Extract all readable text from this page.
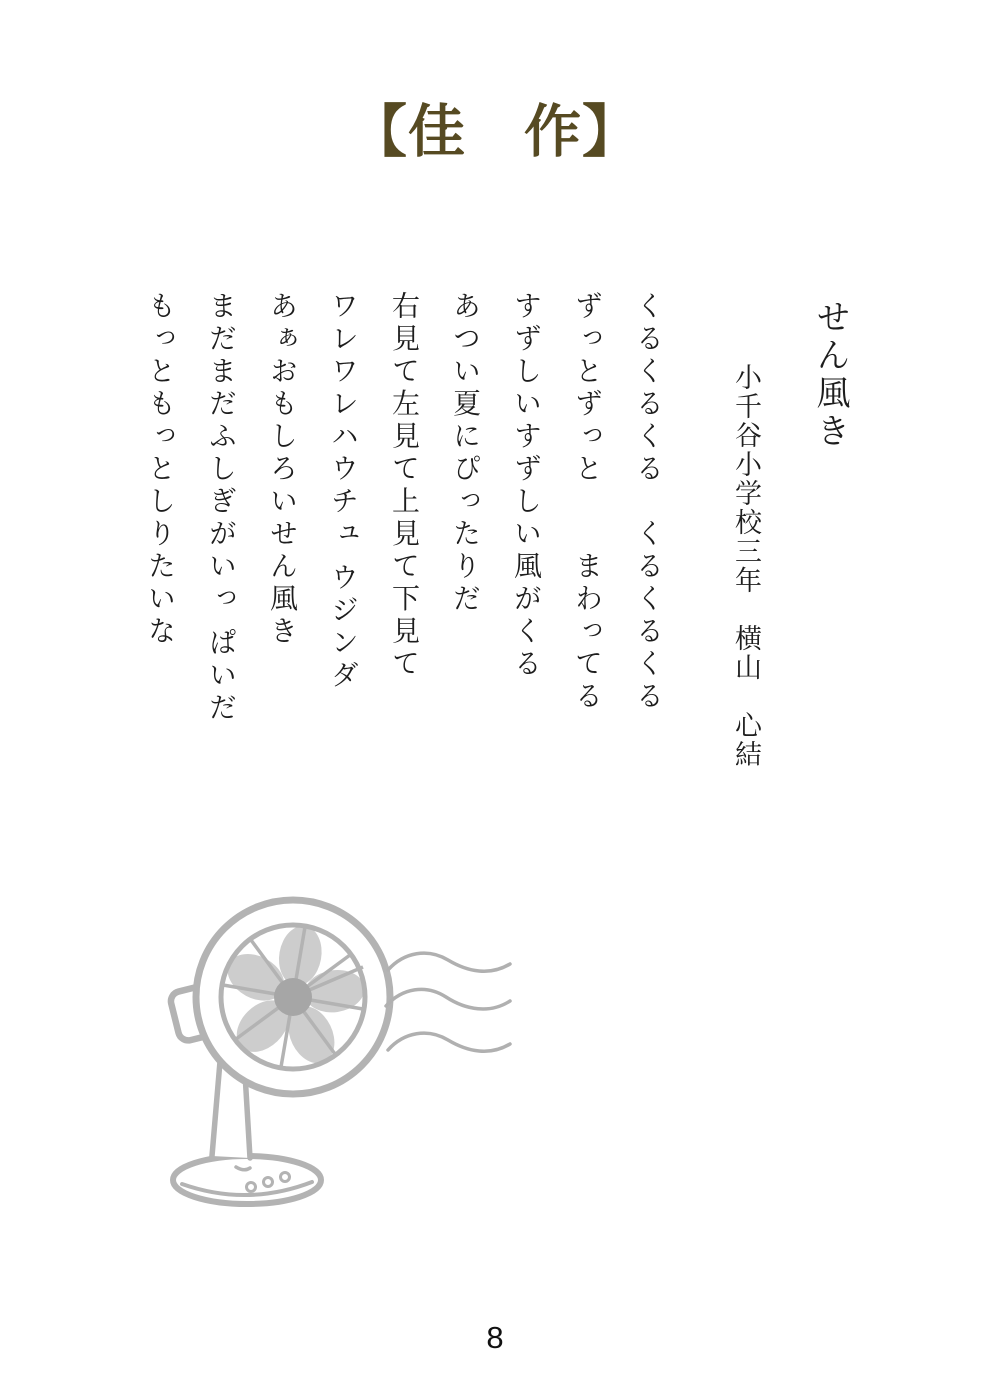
【佳　作】

せん風き

小千谷小学校三年　横山　心結

くるくるくる　くるくるくる

ずっとずっと　　まわってる

すずしいすずしい風がくる

あつい夏にぴったりだ

右見て左見て上見て下見て

ワレワレハウチュ ウジンダ

あぁおもしろいせん風き

まだまだふしぎがいっ ぱいだ

もっともっとしりたいな

8
